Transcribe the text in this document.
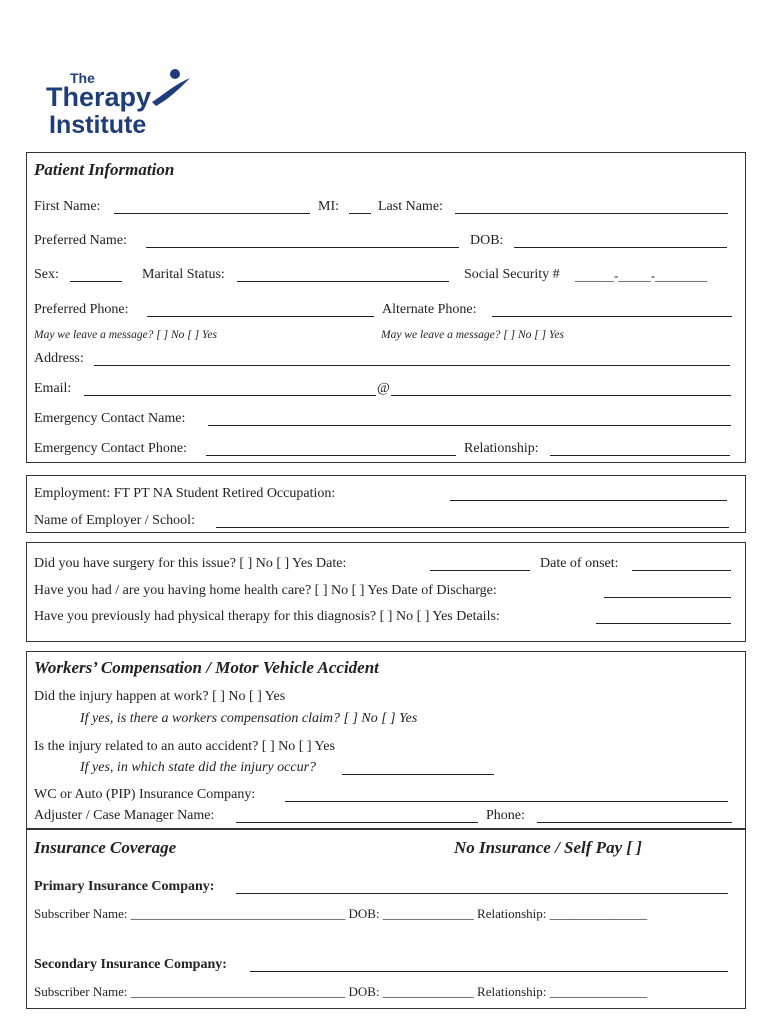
The
Therapy
Institute
Patient Information
First Name:	MI:	Last Name:
Preferred Name:	DOB:
Sex:	Marital Status:	Social Security # ______-_____-________
Preferred Phone:	Alternate Phone:
May we leave a message? [ ] No [ ] Yes	May we leave a message? [ ] No [ ] Yes
Address:
Email:	@
Emergency Contact Name:
Emergency Contact Phone:	Relationship:
Employment: FT PT NA Student Retired Occupation:
Name of Employer / School:
Did you have surgery for this issue? [ ] No [ ] Yes Date:	Date of onset:
Have you had / are you having home health care? [ ] No [ ] Yes Date of Discharge:
Have you previously had physical therapy for this diagnosis? [ ] No [ ] Yes Details:
Workers’ Compensation / Motor Vehicle Accident
Did the injury happen at work? [ ] No [ ] Yes
If yes, is there a workers compensation claim? [ ] No [ ] Yes
Is the injury related to an auto accident? [ ] No [ ] Yes
If yes, in which state did the injury occur?
WC or Auto (PIP) Insurance Company:
Adjuster / Case Manager Name:	Phone:
Insurance Coverage	No Insurance / Self Pay [ ]
Primary Insurance Company:
Subscriber Name: _________________________________ DOB: ______________ Relationship: _______________
Secondary Insurance Company:
Subscriber Name: _________________________________ DOB: ______________ Relationship: _______________
